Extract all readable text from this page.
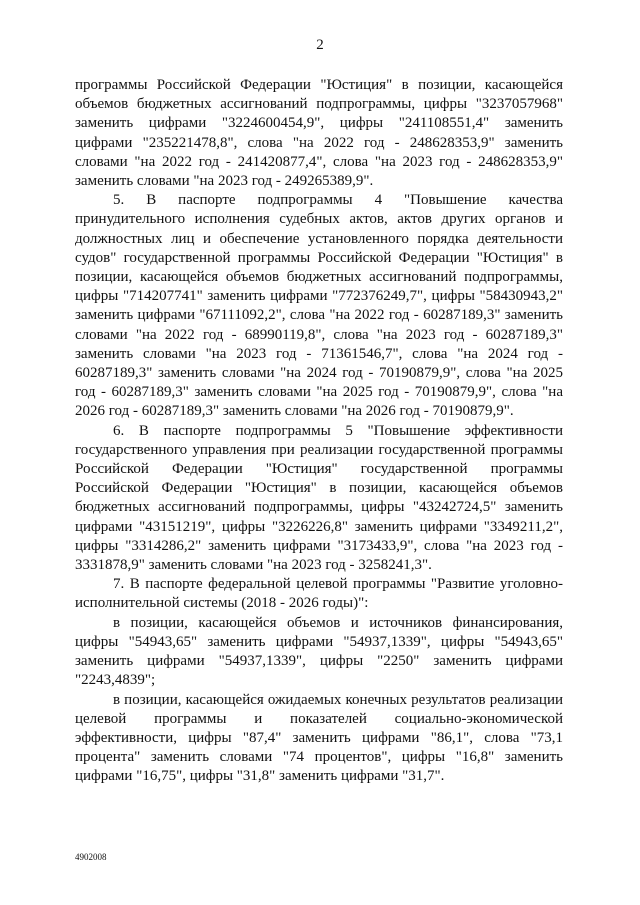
2

программы Российской Федерации "Юстиция" в позиции, касающейся объемов бюджетных ассигнований подпрограммы, цифры "3237057968" заменить цифрами "3224600454,9", цифры "241108551,4" заменить цифрами "235221478,8", слова "на 2022 год - 248628353,9" заменить словами "на 2022 год - 241420877,4", слова "на 2023 год - 248628353,9" заменить словами "на 2023 год - 249265389,9".

5. В паспорте подпрограммы 4 "Повышение качества принудительного исполнения судебных актов, актов других органов и должностных лиц и обеспечение установленного порядка деятельности судов" государственной программы Российской Федерации "Юстиция" в позиции, касающейся объемов бюджетных ассигнований подпрограммы, цифры "714207741" заменить цифрами "772376249,7", цифры "58430943,2" заменить цифрами "67111092,2", слова "на 2022 год - 60287189,3" заменить словами "на 2022 год - 68990119,8", слова "на 2023 год - 60287189,3" заменить словами "на 2023 год - 71361546,7", слова "на 2024 год - 60287189,3" заменить словами "на 2024 год - 70190879,9", слова "на 2025 год - 60287189,3" заменить словами "на 2025 год - 70190879,9", слова "на 2026 год - 60287189,3" заменить словами "на 2026 год - 70190879,9".

6. В паспорте подпрограммы 5 "Повышение эффективности государственного управления при реализации государственной программы Российской Федерации "Юстиция" государственной программы Российской Федерации "Юстиция" в позиции, касающейся объемов бюджетных ассигнований подпрограммы, цифры "43242724,5" заменить цифрами "43151219", цифры "3226226,8" заменить цифрами "3349211,2", цифры "3314286,2" заменить цифрами "3173433,9", слова "на 2023 год - 3331878,9" заменить словами "на 2023 год - 3258241,3".

7. В паспорте федеральной целевой программы "Развитие уголовно-исполнительной системы (2018 - 2026 годы)":

в позиции, касающейся объемов и источников финансирования, цифры "54943,65" заменить цифрами "54937,1339", цифры "54943,65" заменить цифрами "54937,1339", цифры "2250" заменить цифрами "2243,4839";

в позиции, касающейся ожидаемых конечных результатов реализации целевой программы и показателей социально-экономической эффективности, цифры "87,4" заменить цифрами "86,1", слова "73,1 процента" заменить словами "74 процентов", цифры "16,8" заменить цифрами "16,75", цифры "31,8" заменить цифрами "31,7".

4902008
